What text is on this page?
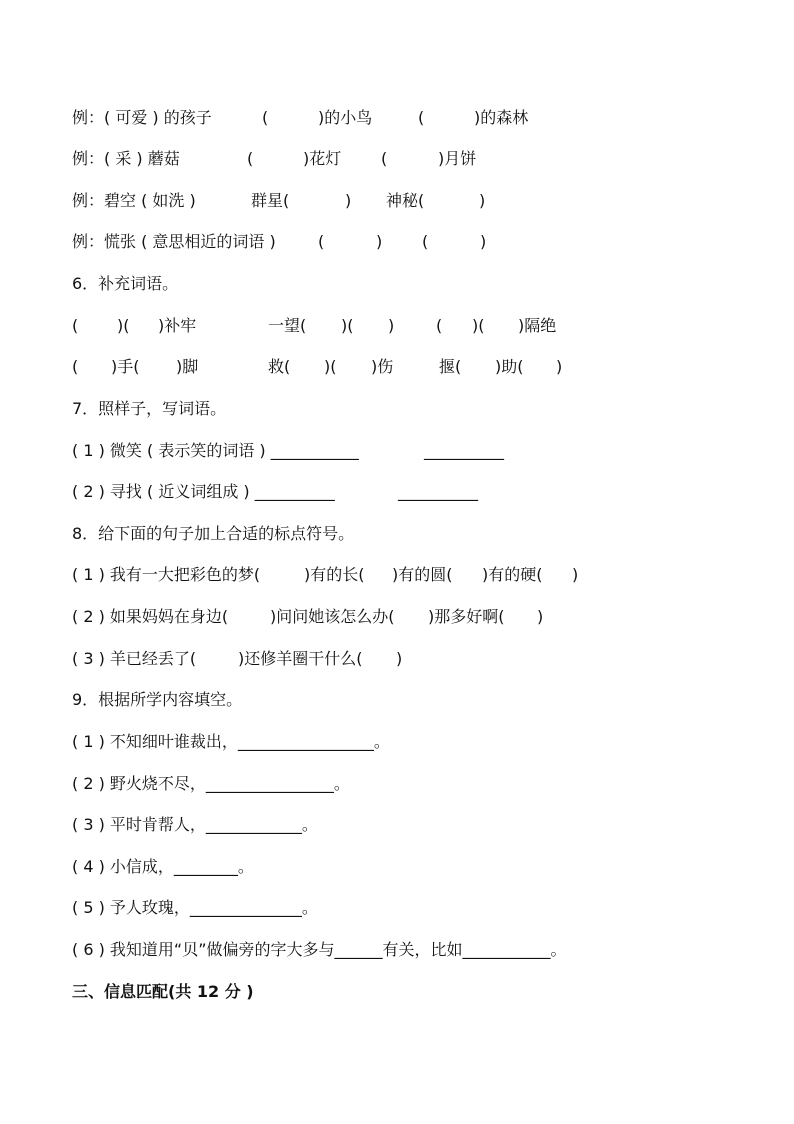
例：( 可爱 ) 的孩子	(	)的小鸟	(	)的森林
例：( 采 ) 蘑菇	(	)花灯 (	)月饼
例：碧空 ( 如洗 )	群星(	) 神秘(	)
例：慌张 ( 意思相近的词语 )	(	) (	)
6．补充词语。
( )( )补牢	一望( )( )	( )( )隔绝
( )手( )脚	救( )( )伤	揠( )助( )
7．照样子，写词语。
( 1 ) 微笑 ( 表示笑的词语 ) ___________	__________
( 2 ) 寻找 ( 近义词组成 ) __________	__________
8．给下面的句子加上合适的标点符号。
( 1 ) 我有一大把彩色的梦(	)有的长( )有的圆( )有的硬( )
( 2 ) 如果妈妈在身边(	)问问她该怎么办( )那多好啊( )
( 3 ) 羊已经丢了(	)还修羊圈干什么( )
9．根据所学内容填空。
( 1 ) 不知细叶谁裁出，_________________。
( 2 ) 野火烧不尽，________________。
( 3 ) 平时肯帮人，____________。
( 4 ) 小信成，________。
( 5 ) 予人玫瑰，______________。
( 6 ) 我知道用“贝”做偏旁的字大多与______有关，比如___________。
三、信息匹配(共 12 分 )
